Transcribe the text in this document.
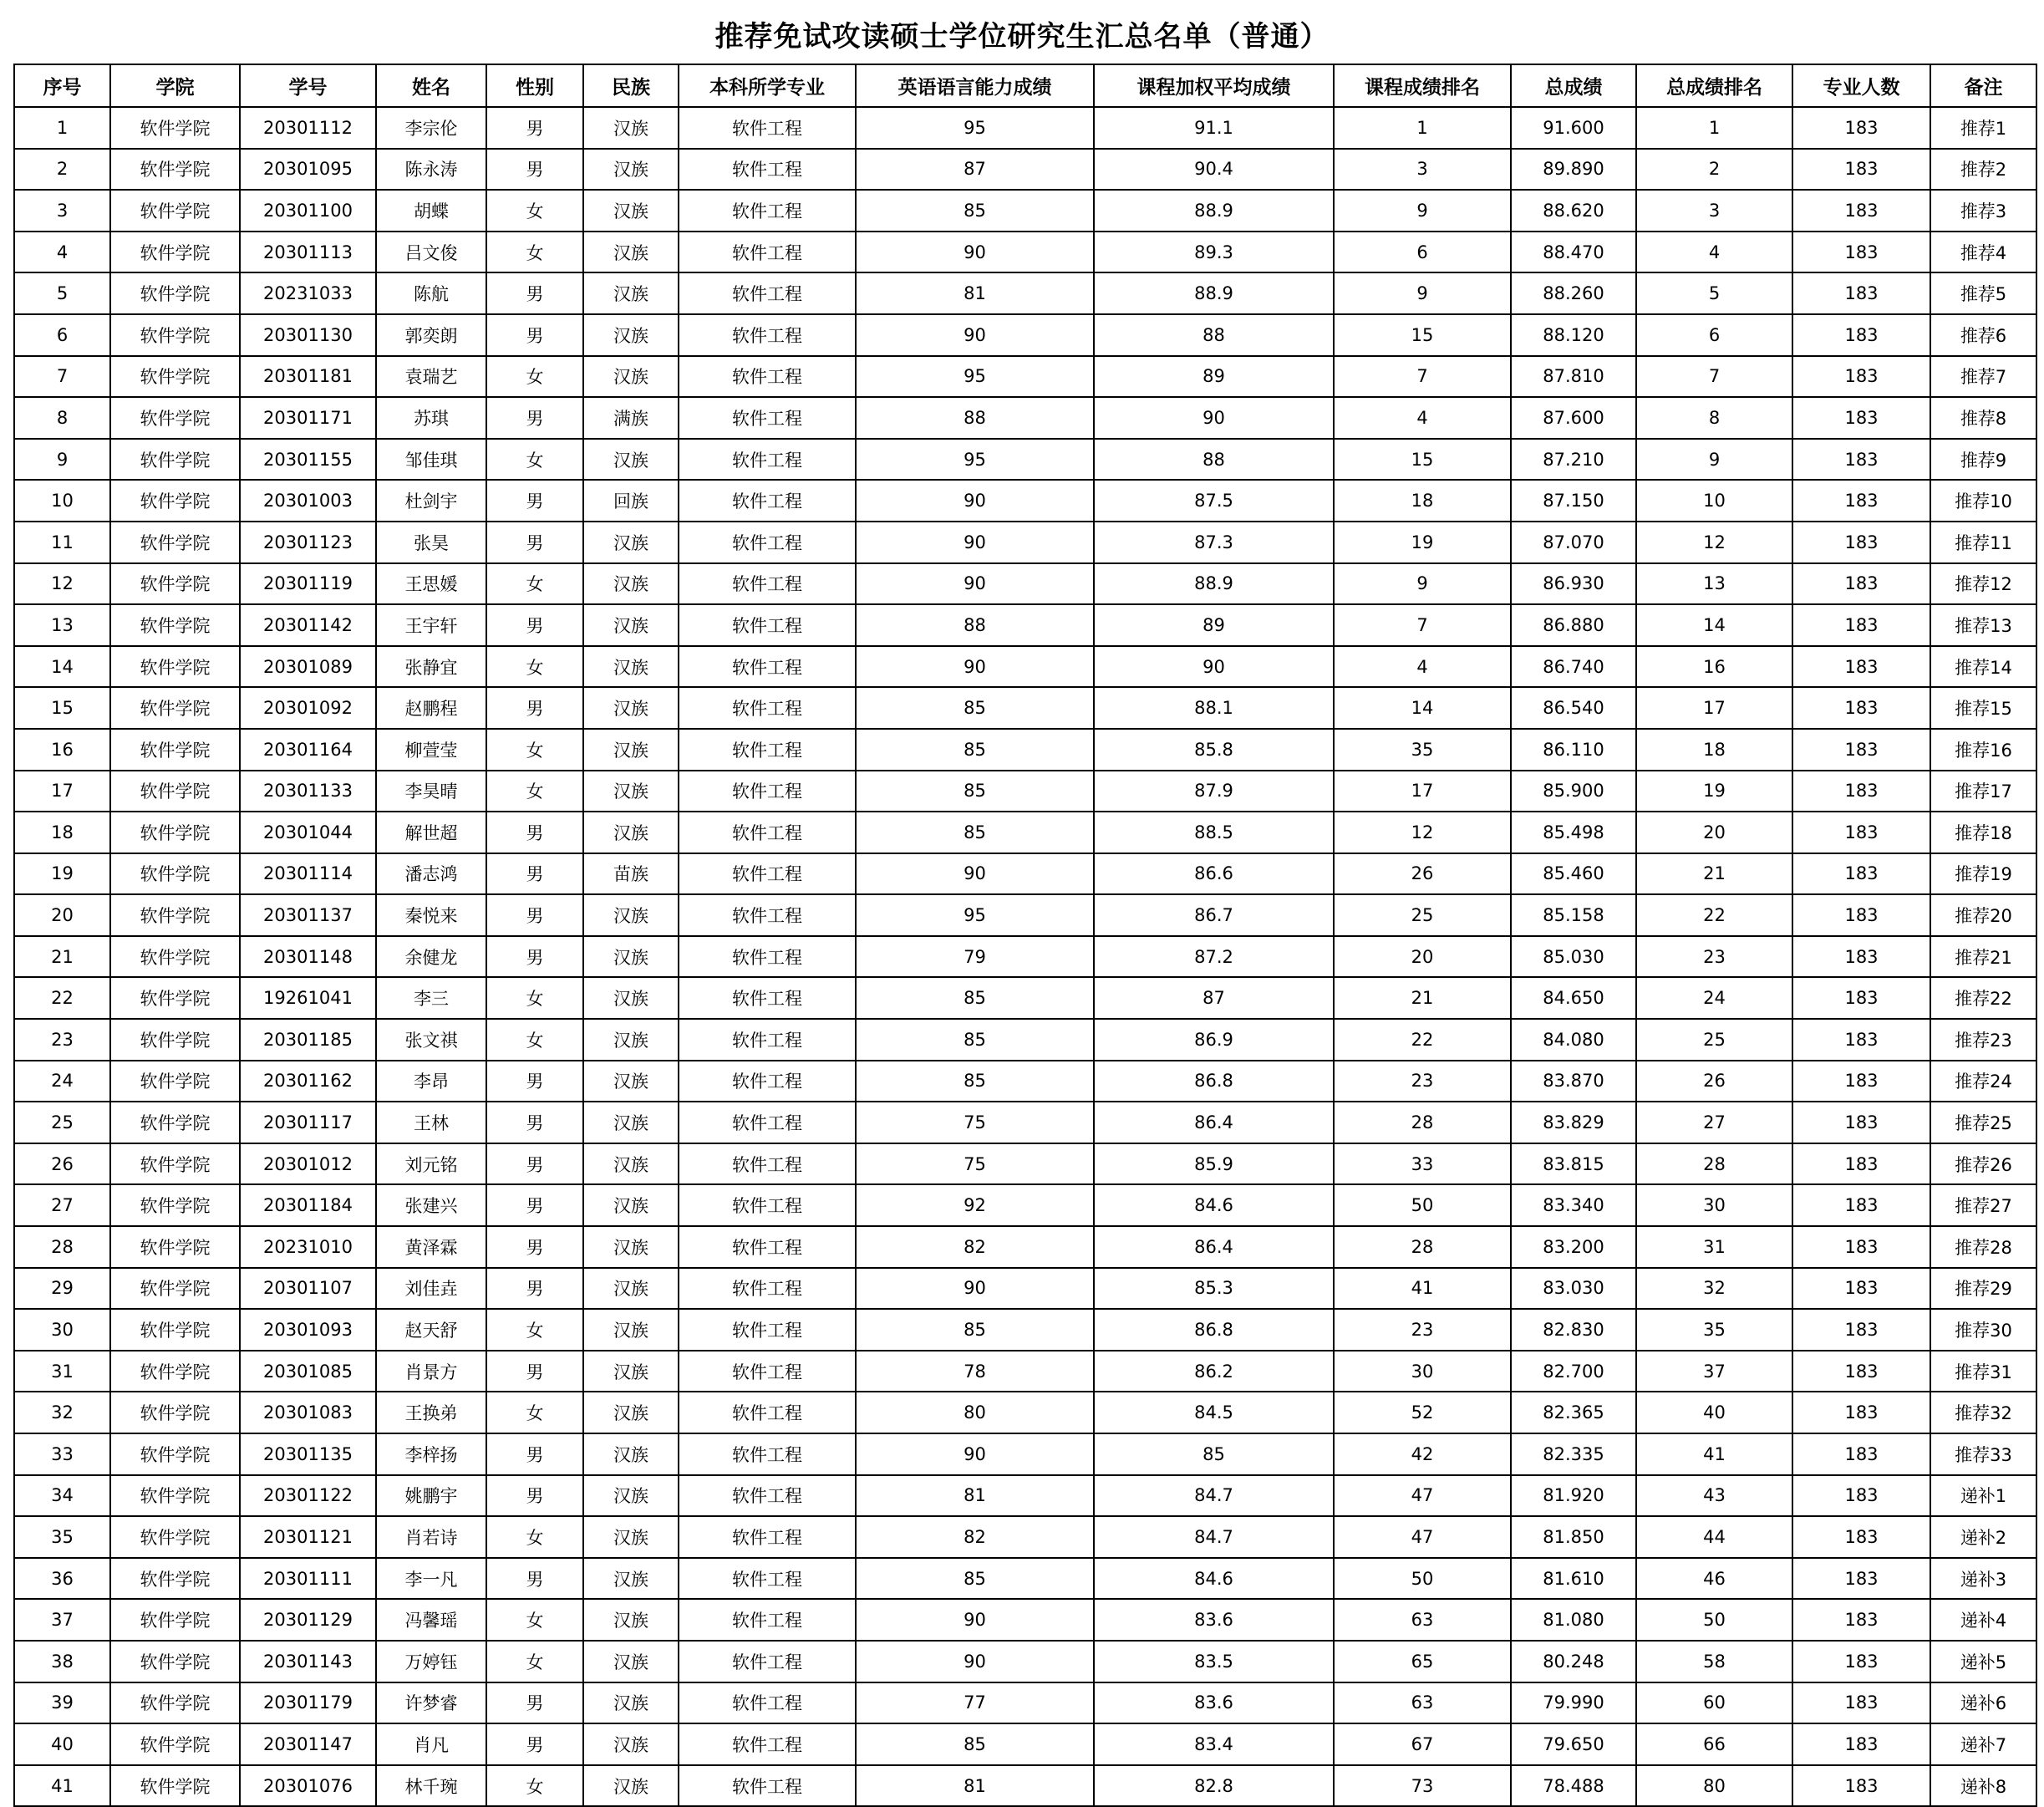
推荐免试攻读硕士学位研究生汇总名单（普通）
序号	学院	学号	姓名	性别	民族	本科所学专业	英语语言能力成绩	课程加权平均成绩	课程成绩排名	总成绩	总成绩排名	专业人数	备注
1	软件学院	20301112	李宗伦	男	汉族	软件工程	95	91.1	1	91.600	1	183	推荐1
2	软件学院	20301095	陈永涛	男	汉族	软件工程	87	90.4	3	89.890	2	183	推荐2
3	软件学院	20301100	胡蝶	女	汉族	软件工程	85	88.9	9	88.620	3	183	推荐3
4	软件学院	20301113	吕文俊	女	汉族	软件工程	90	89.3	6	88.470	4	183	推荐4
5	软件学院	20231033	陈航	男	汉族	软件工程	81	88.9	9	88.260	5	183	推荐5
6	软件学院	20301130	郭奕朗	男	汉族	软件工程	90	88	15	88.120	6	183	推荐6
7	软件学院	20301181	袁瑞艺	女	汉族	软件工程	95	89	7	87.810	7	183	推荐7
8	软件学院	20301171	苏琪	男	满族	软件工程	88	90	4	87.600	8	183	推荐8
9	软件学院	20301155	邹佳琪	女	汉族	软件工程	95	88	15	87.210	9	183	推荐9
10	软件学院	20301003	杜剑宇	男	回族	软件工程	90	87.5	18	87.150	10	183	推荐10
11	软件学院	20301123	张昊	男	汉族	软件工程	90	87.3	19	87.070	12	183	推荐11
12	软件学院	20301119	王思媛	女	汉族	软件工程	90	88.9	9	86.930	13	183	推荐12
13	软件学院	20301142	王宇轩	男	汉族	软件工程	88	89	7	86.880	14	183	推荐13
14	软件学院	20301089	张静宜	女	汉族	软件工程	90	90	4	86.740	16	183	推荐14
15	软件学院	20301092	赵鹏程	男	汉族	软件工程	85	88.1	14	86.540	17	183	推荐15
16	软件学院	20301164	柳萱莹	女	汉族	软件工程	85	85.8	35	86.110	18	183	推荐16
17	软件学院	20301133	李昊晴	女	汉族	软件工程	85	87.9	17	85.900	19	183	推荐17
18	软件学院	20301044	解世超	男	汉族	软件工程	85	88.5	12	85.498	20	183	推荐18
19	软件学院	20301114	潘志鸿	男	苗族	软件工程	90	86.6	26	85.460	21	183	推荐19
20	软件学院	20301137	秦悦来	男	汉族	软件工程	95	86.7	25	85.158	22	183	推荐20
21	软件学院	20301148	余健龙	男	汉族	软件工程	79	87.2	20	85.030	23	183	推荐21
22	软件学院	19261041	李三	女	汉族	软件工程	85	87	21	84.650	24	183	推荐22
23	软件学院	20301185	张文祺	女	汉族	软件工程	85	86.9	22	84.080	25	183	推荐23
24	软件学院	20301162	李昂	男	汉族	软件工程	85	86.8	23	83.870	26	183	推荐24
25	软件学院	20301117	王林	男	汉族	软件工程	75	86.4	28	83.829	27	183	推荐25
26	软件学院	20301012	刘元铭	男	汉族	软件工程	75	85.9	33	83.815	28	183	推荐26
27	软件学院	20301184	张建兴	男	汉族	软件工程	92	84.6	50	83.340	30	183	推荐27
28	软件学院	20231010	黄泽霖	男	汉族	软件工程	82	86.4	28	83.200	31	183	推荐28
29	软件学院	20301107	刘佳垚	男	汉族	软件工程	90	85.3	41	83.030	32	183	推荐29
30	软件学院	20301093	赵天舒	女	汉族	软件工程	85	86.8	23	82.830	35	183	推荐30
31	软件学院	20301085	肖景方	男	汉族	软件工程	78	86.2	30	82.700	37	183	推荐31
32	软件学院	20301083	王换弟	女	汉族	软件工程	80	84.5	52	82.365	40	183	推荐32
33	软件学院	20301135	李梓扬	男	汉族	软件工程	90	85	42	82.335	41	183	推荐33
34	软件学院	20301122	姚鹏宇	男	汉族	软件工程	81	84.7	47	81.920	43	183	递补1
35	软件学院	20301121	肖若诗	女	汉族	软件工程	82	84.7	47	81.850	44	183	递补2
36	软件学院	20301111	李一凡	男	汉族	软件工程	85	84.6	50	81.610	46	183	递补3
37	软件学院	20301129	冯馨瑶	女	汉族	软件工程	90	83.6	63	81.080	50	183	递补4
38	软件学院	20301143	万婷钰	女	汉族	软件工程	90	83.5	65	80.248	58	183	递补5
39	软件学院	20301179	许梦睿	男	汉族	软件工程	77	83.6	63	79.990	60	183	递补6
40	软件学院	20301147	肖凡	男	汉族	软件工程	85	83.4	67	79.650	66	183	递补7
41	软件学院	20301076	林千琬	女	汉族	软件工程	81	82.8	73	78.488	80	183	递补8
